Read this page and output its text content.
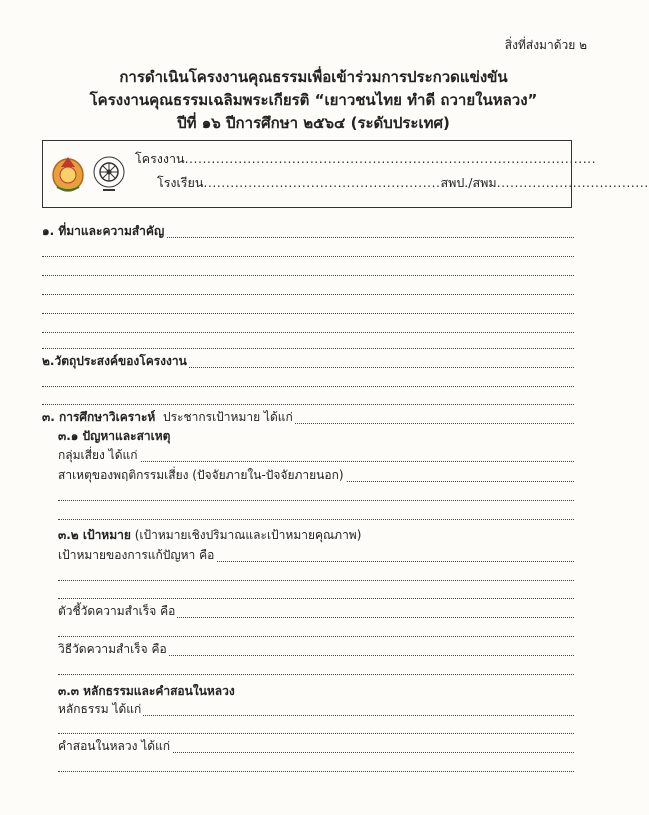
สิ่งที่ส่งมาด้วย ๒
การดำเนินโครงงานคุณธรรมเพื่อเข้าร่วมการประกวดแข่งขัน
โครงงานคุณธรรมเฉลิมพระเกียรติ “เยาวชนไทย ทำดี ถวายในหลวง”
ปีที่ ๑๖ ปีการศึกษา ๒๕๖๔ (ระดับประเทศ)
โครงงาน............................................................................................
โรงเรียน.....................................................สพป./สพม..................................
๑. ที่มาและความสำคัญ
๒.วัตถุประสงค์ของโครงงาน
๓. การศึกษาวิเคราะห์ ประชากรเป้าหมาย ได้แก่
๓.๑ ปัญหาและสาเหตุ
กลุ่มเสี่ยง ได้แก่
สาเหตุของพฤติกรรมเสี่ยง (ปัจจัยภายใน-ปัจจัยภายนอก)
๓.๒ เป้าหมาย (เป้าหมายเชิงปริมาณและเป้าหมายคุณภาพ)
เป้าหมายของการแก้ปัญหา คือ
ตัวชี้วัดความสำเร็จ คือ
วิธีวัดความสำเร็จ คือ
๓.๓ หลักธรรมและคำสอนในหลวง
หลักธรรม ได้แก่
คำสอนในหลวง ได้แก่
